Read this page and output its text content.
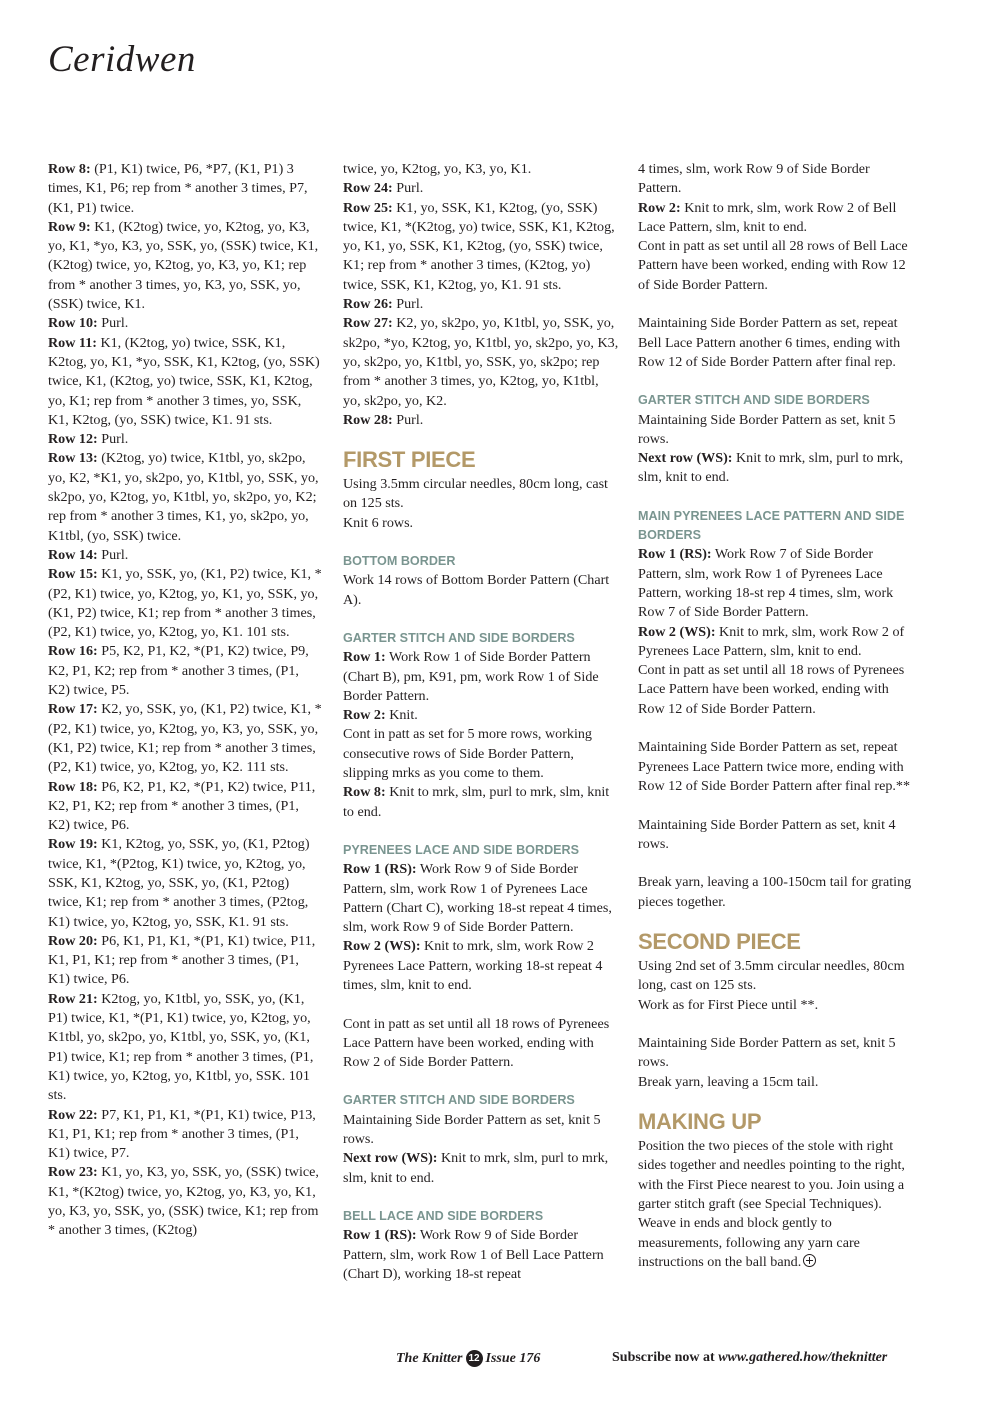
Ceridwen

Row 8: (P1, K1) twice, P6, *P7, (K1, P1) 3 times, K1, P6; rep from * another 3 times, P7, (K1, P1) twice.

Row 9: K1, (K2tog) twice, yo, K2tog, yo, K3, yo, K1, *yo, K3, yo, SSK, yo, (SSK) twice, K1, (K2tog) twice, yo, K2tog, yo, K3, yo, K1; rep from * another 3 times, yo, K3, yo, SSK, yo, (SSK) twice, K1.

Row 10: Purl.

Row 11: K1, (K2tog, yo) twice, SSK, K1, K2tog, yo, K1, *yo, SSK, K1, K2tog, (yo, SSK) twice, K1, (K2tog, yo) twice, SSK, K1, K2tog, yo, K1; rep from * another 3 times, yo, SSK, K1, K2tog, (yo, SSK) twice, K1. 91 sts.

Row 12: Purl.

Row 13: (K2tog, yo) twice, K1tbl, yo, sk2po, yo, K2, *K1, yo, sk2po, yo, K1tbl, yo, SSK, yo, sk2po, yo, K2tog, yo, K1tbl, yo, sk2po, yo, K2; rep from * another 3 times, K1, yo, sk2po, yo, K1tbl, (yo, SSK) twice.

Row 14: Purl.

Row 15: K1, yo, SSK, yo, (K1, P2) twice, K1, *(P2, K1) twice, yo, K2tog, yo, K1, yo, SSK, yo, (K1, P2) twice, K1; rep from * another 3 times, (P2, K1) twice, yo, K2tog, yo, K1. 101 sts.

Row 16: P5, K2, P1, K2, *(P1, K2) twice, P9, K2, P1, K2; rep from * another 3 times, (P1, K2) twice, P5.

Row 17: K2, yo, SSK, yo, (K1, P2) twice, K1, *(P2, K1) twice, yo, K2tog, yo, K3, yo, SSK, yo, (K1, P2) twice, K1; rep from * another 3 times, (P2, K1) twice, yo, K2tog, yo, K2. 111 sts.

Row 18: P6, K2, P1, K2, *(P1, K2) twice, P11, K2, P1, K2; rep from * another 3 times, (P1, K2) twice, P6.

Row 19: K1, K2tog, yo, SSK, yo, (K1, P2tog) twice, K1, *(P2tog, K1) twice, yo, K2tog, yo, SSK, K1, K2tog, yo, SSK, yo, (K1, P2tog) twice, K1; rep from * another 3 times, (P2tog, K1) twice, yo, K2tog, yo, SSK, K1. 91 sts.

Row 20: P6, K1, P1, K1, *(P1, K1) twice, P11, K1, P1, K1; rep from * another 3 times, (P1, K1) twice, P6.

Row 21: K2tog, yo, K1tbl, yo, SSK, yo, (K1, P1) twice, K1, *(P1, K1) twice, yo, K2tog, yo, K1tbl, yo, sk2po, yo, K1tbl, yo, SSK, yo, (K1, P1) twice, K1; rep from * another 3 times, (P1, K1) twice, yo, K2tog, yo, K1tbl, yo, SSK. 101 sts.

Row 22: P7, K1, P1, K1, *(P1, K1) twice, P13, K1, P1, K1; rep from * another 3 times, (P1, K1) twice, P7.

Row 23: K1, yo, K3, yo, SSK, yo, (SSK) twice, K1, *(K2tog) twice, yo, K2tog, yo, K3, yo, K1, yo, K3, yo, SSK, yo, (SSK) twice, K1; rep from * another 3 times, (K2tog)

twice, yo, K2tog, yo, K3, yo, K1.

Row 24: Purl.

Row 25: K1, yo, SSK, K1, K2tog, (yo, SSK) twice, K1, *(K2tog, yo) twice, SSK, K1, K2tog, yo, K1, yo, SSK, K1, K2tog, (yo, SSK) twice, K1; rep from * another 3 times, (K2tog, yo) twice, SSK, K1, K2tog, yo, K1. 91 sts.

Row 26: Purl.

Row 27: K2, yo, sk2po, yo, K1tbl, yo, SSK, yo, sk2po, *yo, K2tog, yo, K1tbl, yo, sk2po, yo, K3, yo, sk2po, yo, K1tbl, yo, SSK, yo, sk2po; rep from * another 3 times, yo, K2tog, yo, K1tbl, yo, sk2po, yo, K2.

Row 28: Purl.

FIRST PIECE

Using 3.5mm circular needles, 80cm long, cast on 125 sts.

Knit 6 rows.

BOTTOM BORDER

Work 14 rows of Bottom Border Pattern (Chart A).

GARTER STITCH AND SIDE BORDERS

Row 1: Work Row 1 of Side Border Pattern (Chart B), pm, K91, pm, work Row 1 of Side Border Pattern.

Row 2: Knit.

Cont in patt as set for 5 more rows, working consecutive rows of Side Border Pattern, slipping mrks as you come to them.

Row 8: Knit to mrk, slm, purl to mrk, slm, knit to end.

PYRENEES LACE AND SIDE BORDERS

Row 1 (RS): Work Row 9 of Side Border Pattern, slm, work Row 1 of Pyrenees Lace Pattern (Chart C), working 18-st repeat 4 times, slm, work Row 9 of Side Border Pattern.

Row 2 (WS): Knit to mrk, slm, work Row 2 Pyrenees Lace Pattern, working 18-st repeat 4 times, slm, knit to end.

Cont in patt as set until all 18 rows of Pyrenees Lace Pattern have been worked, ending with Row 2 of Side Border Pattern.

GARTER STITCH AND SIDE BORDERS

Maintaining Side Border Pattern as set, knit 5 rows.

Next row (WS): Knit to mrk, slm, purl to mrk, slm, knit to end.

BELL LACE AND SIDE BORDERS

Row 1 (RS): Work Row 9 of Side Border Pattern, slm, work Row 1 of Bell Lace Pattern (Chart D), working 18-st repeat

4 times, slm, work Row 9 of Side Border Pattern.

Row 2: Knit to mrk, slm, work Row 2 of Bell Lace Pattern, slm, knit to end.

Cont in patt as set until all 28 rows of Bell Lace Pattern have been worked, ending with Row 12 of Side Border Pattern.

Maintaining Side Border Pattern as set, repeat Bell Lace Pattern another 6 times, ending with Row 12 of Side Border Pattern after final rep.

GARTER STITCH AND SIDE BORDERS

Maintaining Side Border Pattern as set, knit 5 rows.

Next row (WS): Knit to mrk, slm, purl to mrk, slm, knit to end.

MAIN PYRENEES LACE PATTERN AND SIDE BORDERS

Row 1 (RS): Work Row 7 of Side Border Pattern, slm, work Row 1 of Pyrenees Lace Pattern, working 18-st rep 4 times, slm, work Row 7 of Side Border Pattern.

Row 2 (WS): Knit to mrk, slm, work Row 2 of Pyrenees Lace Pattern, slm, knit to end.

Cont in patt as set until all 18 rows of Pyrenees Lace Pattern have been worked, ending with Row 12 of Side Border Pattern.

Maintaining Side Border Pattern as set, repeat Pyrenees Lace Pattern twice more, ending with Row 12 of Side Border Pattern after final rep.**

Maintaining Side Border Pattern as set, knit 4 rows.

Break yarn, leaving a 100-150cm tail for grating pieces together.

SECOND PIECE

Using 2nd set of 3.5mm circular needles, 80cm long, cast on 125 sts.

Work as for First Piece until **.

Maintaining Side Border Pattern as set, knit 5 rows.

Break yarn, leaving a 15cm tail.

MAKING UP

Position the two pieces of the stole with right sides together and needles pointing to the right, with the First Piece nearest to you. Join using a garter stitch graft (see Special Techniques).

Weave in ends and block gently to measurements, following any yarn care instructions on the ball band.

The Knitter 12 Issue 176	Subscribe now at www.gathered.how/theknitter
